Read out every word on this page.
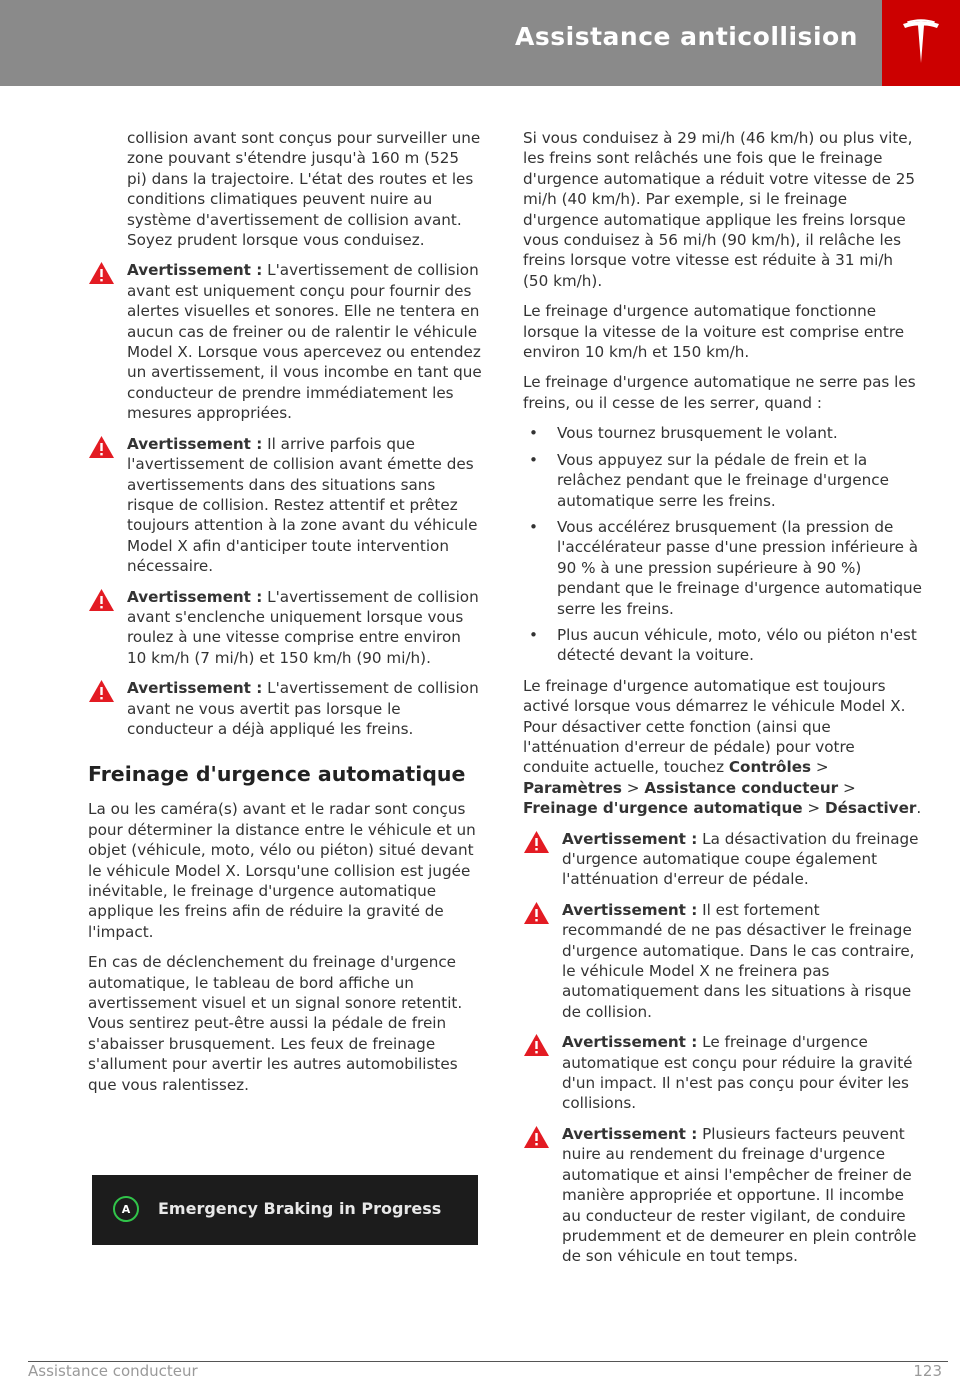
Assistance anticollision

collision avant sont conçus pour surveiller une zone pouvant s'étendre jusqu'à 160 m (525 pi) dans la trajectoire. L'état des routes et les conditions climatiques peuvent nuire au système d'avertissement de collision avant. Soyez prudent lorsque vous conduisez.

Avertissement : L'avertissement de collision avant est uniquement conçu pour fournir des alertes visuelles et sonores. Elle ne tentera en aucun cas de freiner ou de ralentir le véhicule Model X. Lorsque vous apercevez ou entendez un avertissement, il vous incombe en tant que conducteur de prendre immédiatement les mesures appropriées.
Avertissement : Il arrive parfois que l'avertissement de collision avant émette des avertissements dans des situations sans risque de collision. Restez attentif et prêtez toujours attention à la zone avant du véhicule Model X afin d'anticiper toute intervention nécessaire.
Avertissement : L'avertissement de collision avant s'enclenche uniquement lorsque vous roulez à une vitesse comprise entre environ 10 km/h (7 mi/h) et 150 km/h (90 mi/h).
Avertissement : L'avertissement de collision avant ne vous avertit pas lorsque le conducteur a déjà appliqué les freins.
Freinage d'urgence automatique

La ou les caméra(s) avant et le radar sont conçus pour déterminer la distance entre le véhicule et un objet (véhicule, moto, vélo ou piéton) situé devant le véhicule Model X. Lorsqu'une collision est jugée inévitable, le freinage d'urgence automatique applique les freins afin de réduire la gravité de l'impact.

En cas de déclenchement du freinage d'urgence automatique, le tableau de bord affiche un avertissement visuel et un signal sonore retentit. Vous sentirez peut-être aussi la pédale de frein s'abaisser brusquement. Les feux de freinage s'allument pour avertir les autres automobilistes que vous ralentissez.

A	Emergency Braking in Progress

Si vous conduisez à 29 mi/h (46 km/h) ou plus vite, les freins sont relâchés une fois que le freinage d'urgence automatique a réduit votre vitesse de 25 mi/h (40 km/h). Par exemple, si le freinage d'urgence automatique applique les freins lorsque vous conduisez à 56 mi/h (90 km/h), il relâche les freins lorsque votre vitesse est réduite à 31 mi/h (50 km/h).

Le freinage d'urgence automatique fonctionne lorsque la vitesse de la voiture est comprise entre environ 10 km/h et 150 km/h.

Le freinage d'urgence automatique ne serre pas les freins, ou il cesse de les serrer, quand :

• Vous tournez brusquement le volant.
• Vous appuyez sur la pédale de frein et la relâchez pendant que le freinage d'urgence automatique serre les freins.
• Vous accélérez brusquement (la pression de l'accélérateur passe d'une pression inférieure à 90 % à une pression supérieure à 90 %) pendant que le freinage d'urgence automatique serre les freins.
• Plus aucun véhicule, moto, vélo ou piéton n'est détecté devant la voiture.

Le freinage d'urgence automatique est toujours activé lorsque vous démarrez le véhicule Model X. Pour désactiver cette fonction (ainsi que l'atténuation d'erreur de pédale) pour votre conduite actuelle, touchez Contrôles > Paramètres > Assistance conducteur > Freinage d'urgence automatique > Désactiver.

Avertissement : La désactivation du freinage d'urgence automatique coupe également l'atténuation d'erreur de pédale.
Avertissement : Il est fortement recommandé de ne pas désactiver le freinage d'urgence automatique. Dans le cas contraire, le véhicule Model X ne freinera pas automatiquement dans les situations à risque de collision.
Avertissement : Le freinage d'urgence automatique est conçu pour réduire la gravité d'un impact. Il n'est pas conçu pour éviter les collisions.
Avertissement : Plusieurs facteurs peuvent nuire au rendement du freinage d'urgence automatique et ainsi l'empêcher de freiner de manière appropriée et opportune. Il incombe au conducteur de rester vigilant, de conduire prudemment et de demeurer en plein contrôle de son véhicule en tout temps.
Assistance conducteur	123
